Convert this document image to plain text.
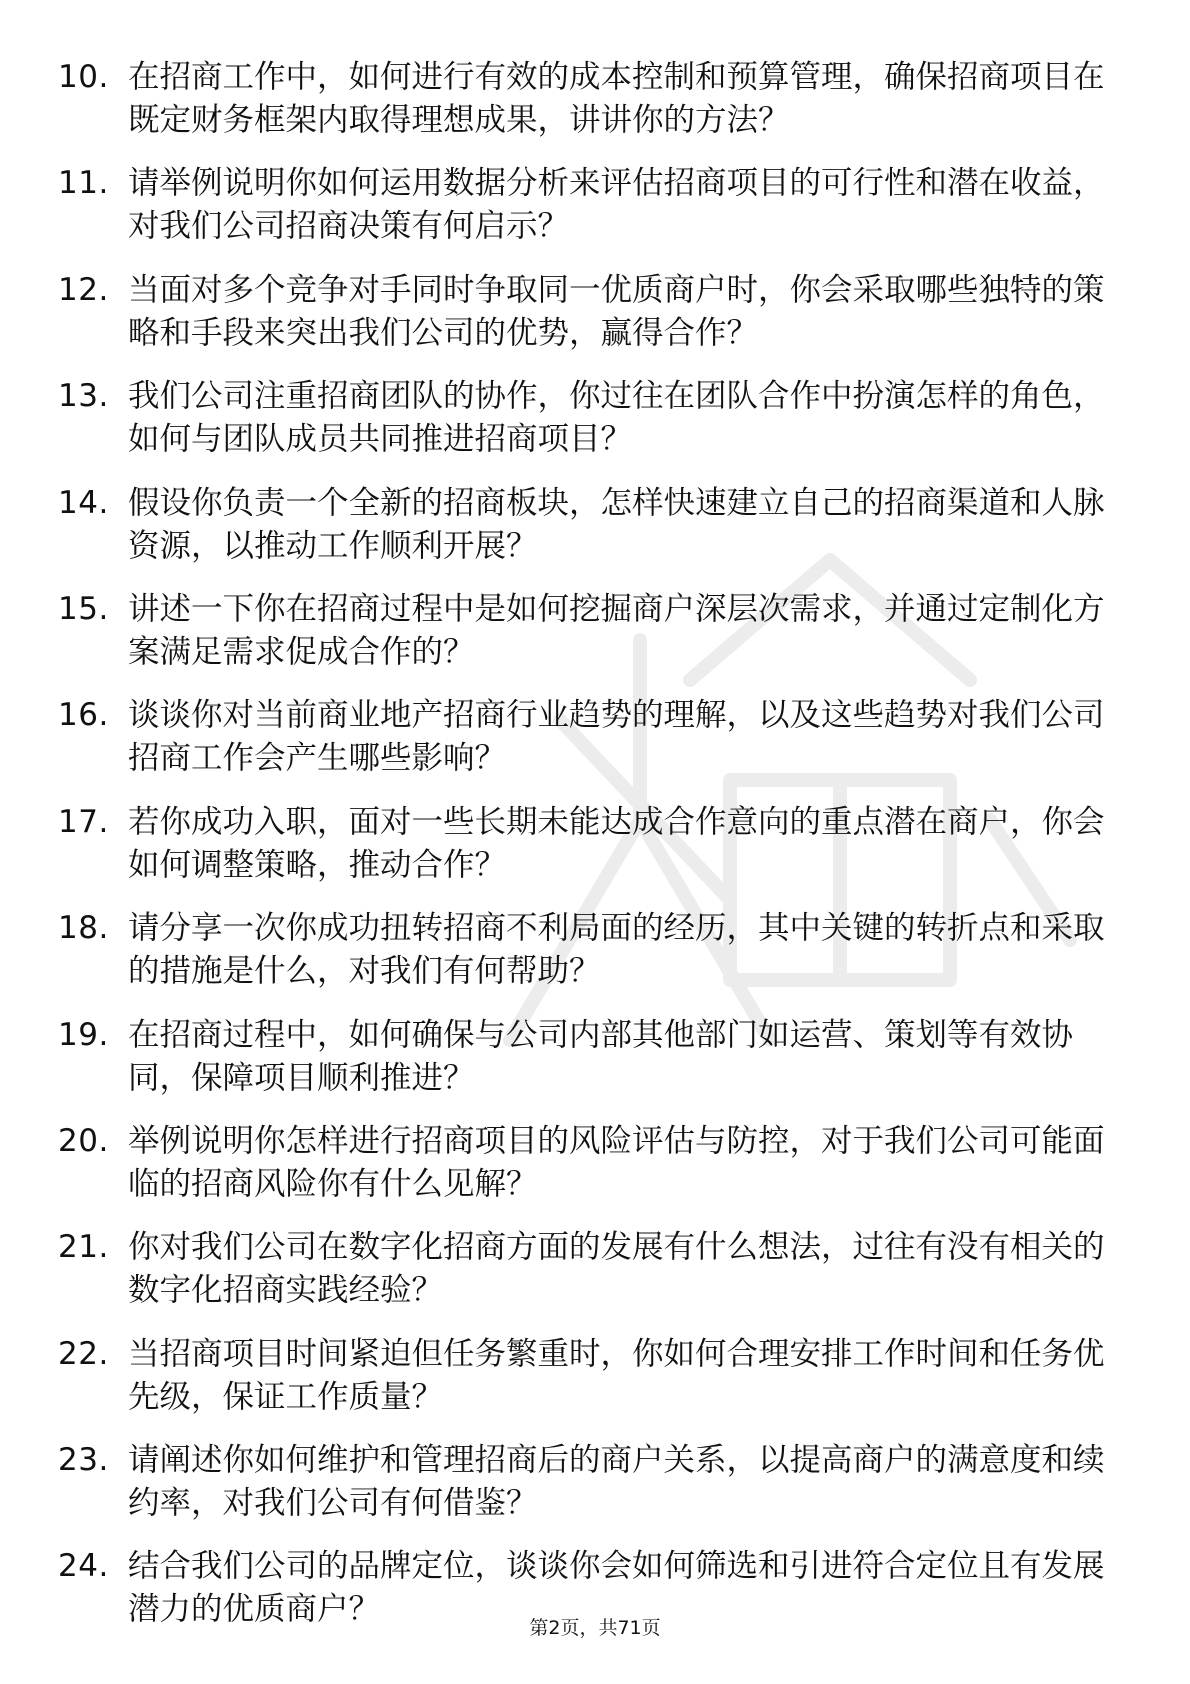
10. 在招商工作中，如何进行有效的成本控制和预算管理，确保招商项目在既定财务框架内取得理想成果，讲讲你的方法？
11. 请举例说明你如何运用数据分析来评估招商项目的可行性和潜在收益，对我们公司招商决策有何启示？
12. 当面对多个竞争对手同时争取同一优质商户时，你会采取哪些独特的策略和手段来突出我们公司的优势，赢得合作？
13. 我们公司注重招商团队的协作，你过往在团队合作中扮演怎样的角色，如何与团队成员共同推进招商项目？
14. 假设你负责一个全新的招商板块，怎样快速建立自己的招商渠道和人脉资源，以推动工作顺利开展？
15. 讲述一下你在招商过程中是如何挖掘商户深层次需求，并通过定制化方案满足需求促成合作的？
16. 谈谈你对当前商业地产招商行业趋势的理解，以及这些趋势对我们公司招商工作会产生哪些影响？
17. 若你成功入职，面对一些长期未能达成合作意向的重点潜在商户，你会如何调整策略，推动合作？
18. 请分享一次你成功扭转招商不利局面的经历，其中关键的转折点和采取的措施是什么，对我们有何帮助？
19. 在招商过程中，如何确保与公司内部其他部门如运营、策划等有效协同，保障项目顺利推进？
20. 举例说明你怎样进行招商项目的风险评估与防控，对于我们公司可能面临的招商风险你有什么见解？
21. 你对我们公司在数字化招商方面的发展有什么想法，过往有没有相关的数字化招商实践经验？
22. 当招商项目时间紧迫但任务繁重时，你如何合理安排工作时间和任务优先级，保证工作质量？
23. 请阐述你如何维护和管理招商后的商户关系，以提高商户的满意度和续约率，对我们公司有何借鉴？
24. 结合我们公司的品牌定位，谈谈你会如何筛选和引进符合定位且有发展潜力的优质商户？
第2页，共71页
